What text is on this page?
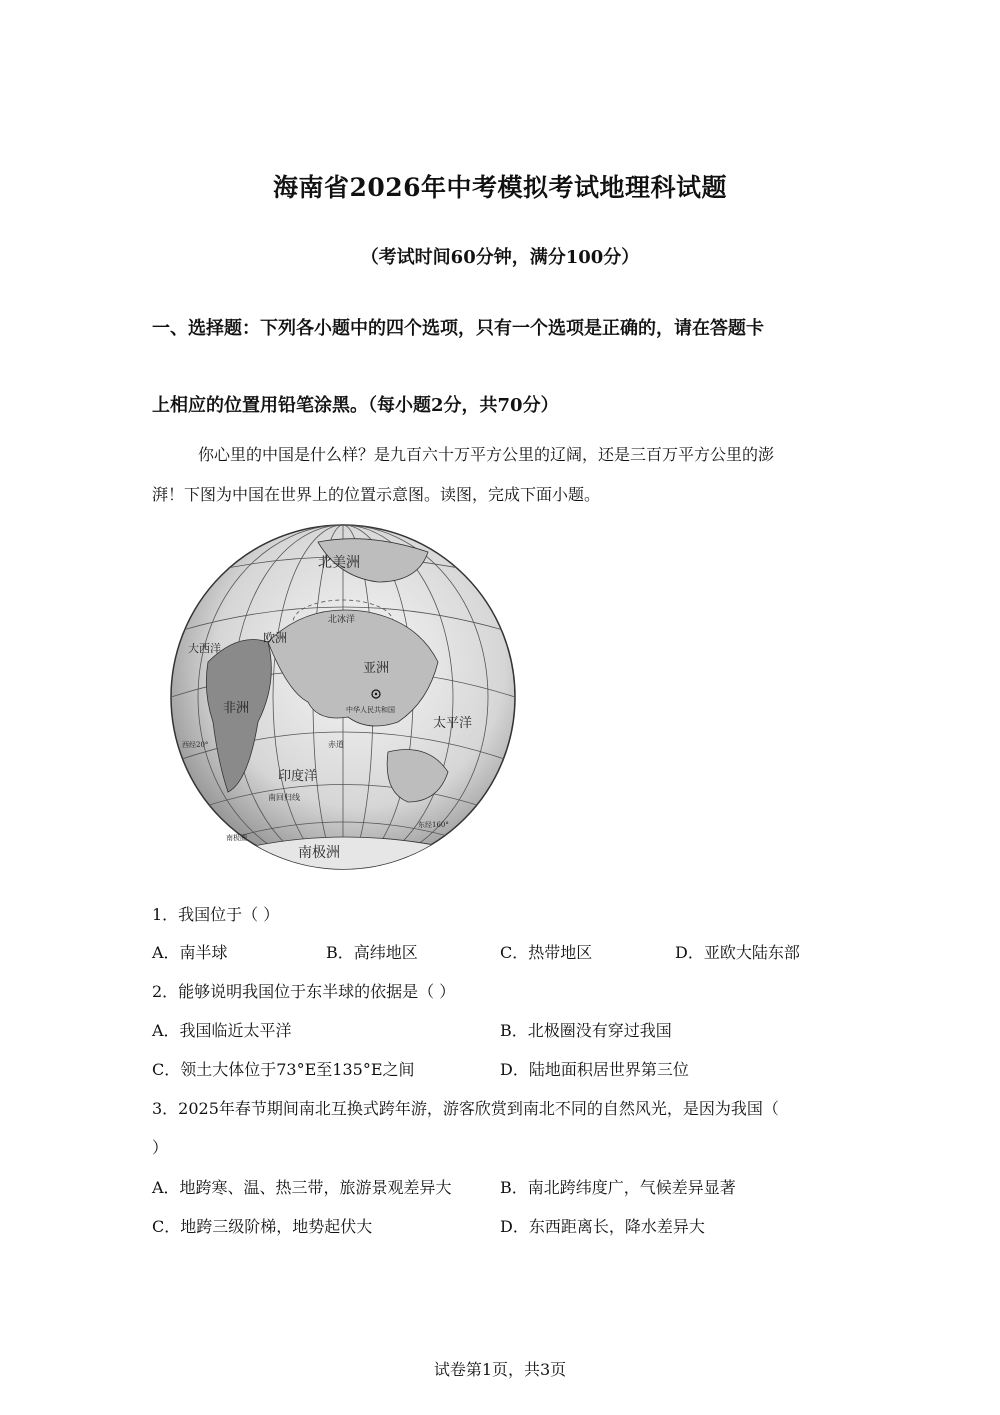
海南省2026年中考模拟考试地理科试题
（考试时间60分钟，满分100分）
一、选择题：下列各小题中的四个选项，只有一个选项是正确的，请在答题卡
上相应的位置用铅笔涂黑。（每小题2分，共70分）
你心里的中国是什么样？是九百六十万平方公里的辽阔，还是三百万平方公里的澎
湃！下图为中国在世界上的位置示意图。读图，完成下面小题。
北美洲
北冰洋
欧洲
非洲
亚洲
中华人民共和国
赤道
印度洋
南回归线
太平洋
大西洋
南极洲
南极圈
西经20°
东经160°
1．我国位于（ ）
A．南半球	B．高纬地区	C．热带地区	D．亚欧大陆东部
2．能够说明我国位于东半球的依据是（ ）
A．我国临近太平洋	B．北极圈没有穿过我国
C．领土大体位于73°E至135°E之间	D．陆地面积居世界第三位
3．2025年春节期间南北互换式跨年游，游客欣赏到南北不同的自然风光，是因为我国（
）
A．地跨寒、温、热三带，旅游景观差异大	B．南北跨纬度广，气候差异显著
C．地跨三级阶梯，地势起伏大	D．东西距离长，降水差异大
试卷第1页，共3页
